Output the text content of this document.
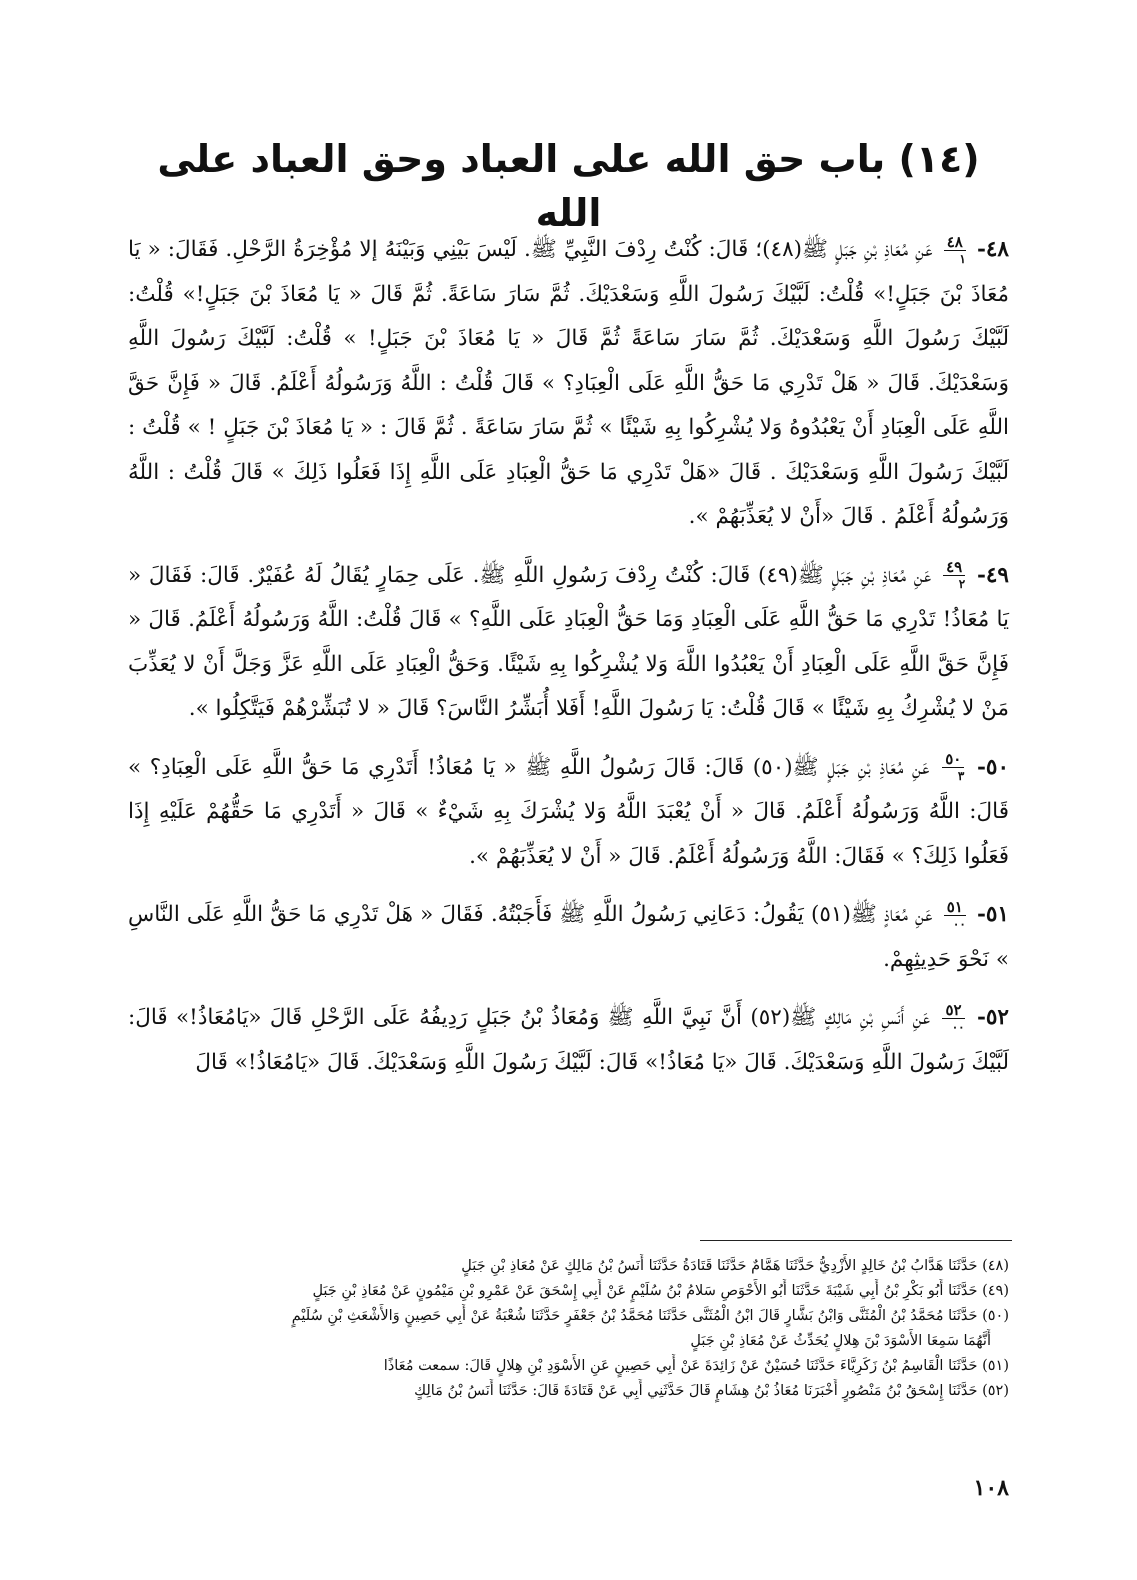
(١٤) باب حق الله على العباد وحق العباد على الله

٤٨-
٤٨
١
عَنِ مُعَاذِ بْنِ جَبَلٍ ﷺ(٤٨)؛ قَالَ: كُنْتُ رِدْفَ النَّبِيِّ ﷺ. لَيْسَ بَيْنِي وَبَيْنَهُ إلا مُؤْخِرَةُ الرَّحْلِ. فَقَالَ: « يَا مُعَاذَ بْنَ جَبَلٍ!» قُلْتُ: لَبَّيْكَ رَسُولَ اللَّهِ وَسَعْدَيْكَ. ثُمَّ سَارَ سَاعَةً. ثُمَّ قَالَ « يَا مُعَاذَ بْنَ جَبَلٍ!» قُلْتُ: لَبَّيْكَ رَسُولَ اللَّهِ وَسَعْدَيْكَ. ثُمَّ سَارَ سَاعَةً ثُمَّ قَالَ « يَا مُعَاذَ بْنَ جَبَلٍ! » قُلْتُ: لَبَّيْكَ رَسُولَ اللَّهِ وَسَعْدَيْكَ. قَالَ « هَلْ تَدْرِي مَا حَقُّ اللَّهِ عَلَى الْعِبَادِ؟ » قَالَ قُلْتُ : اللَّهُ وَرَسُولُهُ أَعْلَمُ. قَالَ « فَإِنَّ حَقَّ اللَّهِ عَلَى الْعِبَادِ أَنْ يَعْبُدُوهُ وَلا يُشْرِكُوا بِهِ شَيْئًا » ثُمَّ سَارَ سَاعَةً . ثُمَّ قَالَ : « يَا مُعَاذَ بْنَ جَبَلٍ ! » قُلْتُ : لَبَّيْكَ رَسُولَ اللَّهِ وَسَعْدَيْكَ . قَالَ «هَلْ تَدْرِي مَا حَقُّ الْعِبَادِ عَلَى اللَّهِ إِذَا فَعَلُوا ذَلِكَ » قَالَ قُلْتُ : اللَّهُ وَرَسُولُهُ أَعْلَمُ . قَالَ «أَنْ لا يُعَذِّبَهُمْ ».

٤٩-
٤٩
٢
عَنِ مُعَاذِ بْنِ جَبَلٍ ﷺ(٤٩) قَالَ: كُنْتُ رِدْفَ رَسُولِ اللَّهِ ﷺ. عَلَى حِمَارٍ يُقَالُ لَهُ عُفَيْرٌ. قَالَ: فَقَالَ « يَا مُعَاذُ! تَدْرِي مَا حَقُّ اللَّهِ عَلَى الْعِبَادِ وَمَا حَقُّ الْعِبَادِ عَلَى اللَّهِ؟ » قَالَ قُلْتُ: اللَّهُ وَرَسُولُهُ أَعْلَمُ. قَالَ « فَإِنَّ حَقَّ اللَّهِ عَلَى الْعِبَادِ أَنْ يَعْبُدُوا اللَّهَ وَلا يُشْرِكُوا بِهِ شَيْئًا. وَحَقُّ الْعِبَادِ عَلَى اللَّهِ عَزَّ وَجَلَّ أَنْ لا يُعَذِّبَ مَنْ لا يُشْرِكُ بِهِ شَيْئًا » قَالَ قُلْتُ: يَا رَسُولَ اللَّهِ! أَفَلا أُبَشِّرُ النَّاسَ؟ قَالَ « لا تُبَشِّرْهُمْ فَيَتَّكِلُوا ».

٥٠-
٥٠
٣
عَنِ مُعَاذِ بْنِ جَبَلٍ ﷺ(٥٠) قَالَ: قَالَ رَسُولُ اللَّهِ ﷺ « يَا مُعَاذُ! أَتَدْرِي مَا حَقُّ اللَّهِ عَلَى الْعِبَادِ؟ » قَالَ: اللَّهُ وَرَسُولُهُ أَعْلَمُ. قَالَ « أَنْ يُعْبَدَ اللَّهُ وَلا يُشْرَكَ بِهِ شَيْءٌ » قَالَ « أَتَدْرِي مَا حَقُّهُمْ عَلَيْهِ إِذَا فَعَلُوا ذَلِكَ؟ » فَقَالَ: اللَّهُ وَرَسُولُهُ أَعْلَمُ. قَالَ « أَنْ لا يُعَذِّبَهُمْ ».

٥١-
٥١
٠٠
عَنِ مُعَاذٍ ﷺ(٥١) يَقُولُ: دَعَانِي رَسُولُ اللَّهِ ﷺ فَأَجَبْتُهُ. فَقَالَ « هَلْ تَدْرِي مَا حَقُّ اللَّهِ عَلَى النَّاسِ » نَحْوَ حَدِيثِهِمْ.

٥٢-
٥٢
٠٠
عَنِ أَنَسِ بْنِ مَالِكٍ ﷺ(٥٢) أَنَّ نَبِيَّ اللَّهِ ﷺ وَمُعَاذُ بْنُ جَبَلٍ رَدِيفُهُ عَلَى الرَّحْلِ قَالَ «يَامُعَاذُ!» قَالَ: لَبَّيْكَ رَسُولَ اللَّهِ وَسَعْدَيْكَ. قَالَ «يَا مُعَاذُ!» قَالَ: لَبَّيْكَ رَسُولَ اللَّهِ وَسَعْدَيْكَ. قَالَ «يَامُعَاذُ!» قَالَ

(٤٨) حَدَّثَنَا هَدَّابُ بْنُ خَالِدٍ الأَزْدِيُّ حَدَّثَنَا هَمَّامٌ حَدَّثَنَا قَتَادَةُ حَدَّثَنَا أَنَسُ بْنُ مَالِكٍ عَنْ مُعَاذِ بْنِ جَبَلٍ

(٤٩) حَدَّثَنَا أَبُو بَكْرِ بْنُ أَبِي شَيْبَةَ حَدَّثَنَا أَبُو الأَحْوَصِ سَلامُ بْنُ سُلَيْمٍ عَنْ أَبِي إِسْحَقَ عَنْ عَمْرِو بْنِ مَيْمُونٍ عَنْ مُعَاذِ بْنِ جَبَلٍ

(٥٠) حَدَّثَنَا مُحَمَّدُ بْنُ الْمُثَنَّى وَابْنُ بَشَّارٍ قَالَ ابْنُ الْمُثَنَّى حَدَّثَنَا مُحَمَّدُ بْنُ جَعْفَرٍ حَدَّثَنَا شُعْبَةُ عَنْ أَبِي حَصِينٍ وَالأَشْعَثِ بْنِ سُلَيْمٍ

أَنَّهُمَا سَمِعَا الأَسْوَدَ بْنَ هِلالٍ يُحَدِّثُ عَنْ مُعَاذِ بْنِ جَبَلٍ

(٥١) حَدَّثَنَا الْقَاسِمُ بْنُ زَكَرِيَّاءَ حَدَّثَنَا حُسَيْنٌ عَنْ زَائِدَةَ عَنْ أَبِي حَصِينٍ عَنِ الأَسْوَدِ بْنِ هِلالٍ قَالَ: سمعت مُعَاذًا

(٥٢) حَدَّثَنَا إِسْحَقُ بْنُ مَنْصُورٍ أَخْبَرَنَا مُعَاذُ بْنُ هِشَامٍ قَالَ حَدَّثَنِي أَبِي عَنْ قَتَادَةَ قَالَ: حَدَّثَنَا أَنَسُ بْنُ مَالِكٍ

١٠٨
